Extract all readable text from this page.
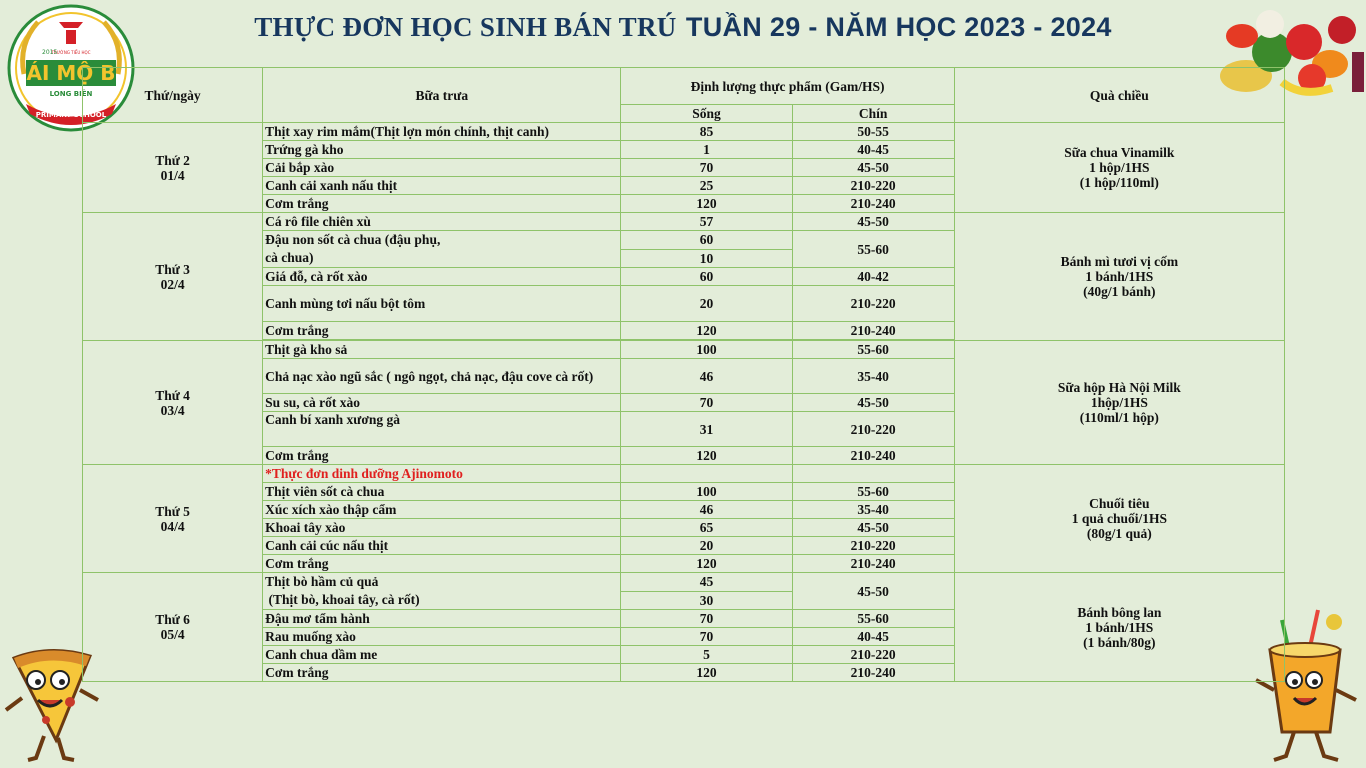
THỰC ĐƠN HỌC SINH BÁN TRÚ TUẦN 29 - NĂM HỌC 2023 - 2024
TRƯỜNG TIỂU HỌC
2015
ÁI MỘ B
LONG BIÊN
PRIMARY SCHOOL
Thứ/ngày	Bữa trưa	Định lượng thực phẩm (Gam/HS)		Quà chiều
		Sống	Chín	
Thứ 2
01/4	Thịt xay rim mắm(Thịt lợn món chính, thịt canh)	85	50-55	Sữa chua Vinamilk
1 hộp/1HS
(1 hộp/110ml)
	Trứng gà kho	1	40-45	
	Cải bắp xào	70	45-50	
	Canh cải xanh nấu thịt	25	210-220	
	Cơm trắng	120	210-240	
Thứ 3
02/4	Cá rô file chiên xù	57	45-50	Bánh mì tươi vị cốm
1 bánh/1HS
(40g/1 bánh)
	Đậu non sốt cà chua (đậu phụ,
cà chua)	60	55-60	
		10		
	Giá đỗ, cà rốt xào	60	40-42	
	Canh mùng tơi nấu bột tôm	20	210-220	
	Cơm trắng	120	210-240	

Thứ 4
03/4	Thịt gà kho sả	100	55-60	Sữa hộp Hà Nội Milk
1hộp/1HS
(110ml/1 hộp)
	Chả nạc xào ngũ sắc ( ngô ngọt, chả nạc, đậu cove cà rốt)	46	35-40	
	Su su, cà rốt xào	70	45-50	
	Canh bí xanh xương gà	31	210-220	
	Cơm trắng	120	210-240	
Thứ 5
04/4	*Thực đơn dinh dưỡng Ajinomoto			Chuối tiêu
1 quả chuối/1HS
(80g/1 quả)
	Thịt viên sốt cà chua	100	55-60	
	Xúc xích xào thập cẩm	46	35-40	
	Khoai tây xào	65	45-50	
	Canh cải cúc nấu thịt	20	210-220	
	Cơm trắng	120	210-240	
Thứ 6
05/4	Thịt bò hầm củ quả
(Thịt bò, khoai tây, cà rốt)	45	45-50	Bánh bông lan
1 bánh/1HS
(1 bánh/80g)
		30		
	Đậu mơ tẩm hành	70	55-60	
	Rau muống xào	70	40-45	
	Canh chua dầm me	5	210-220	
	Cơm trắng	120	210-240	
